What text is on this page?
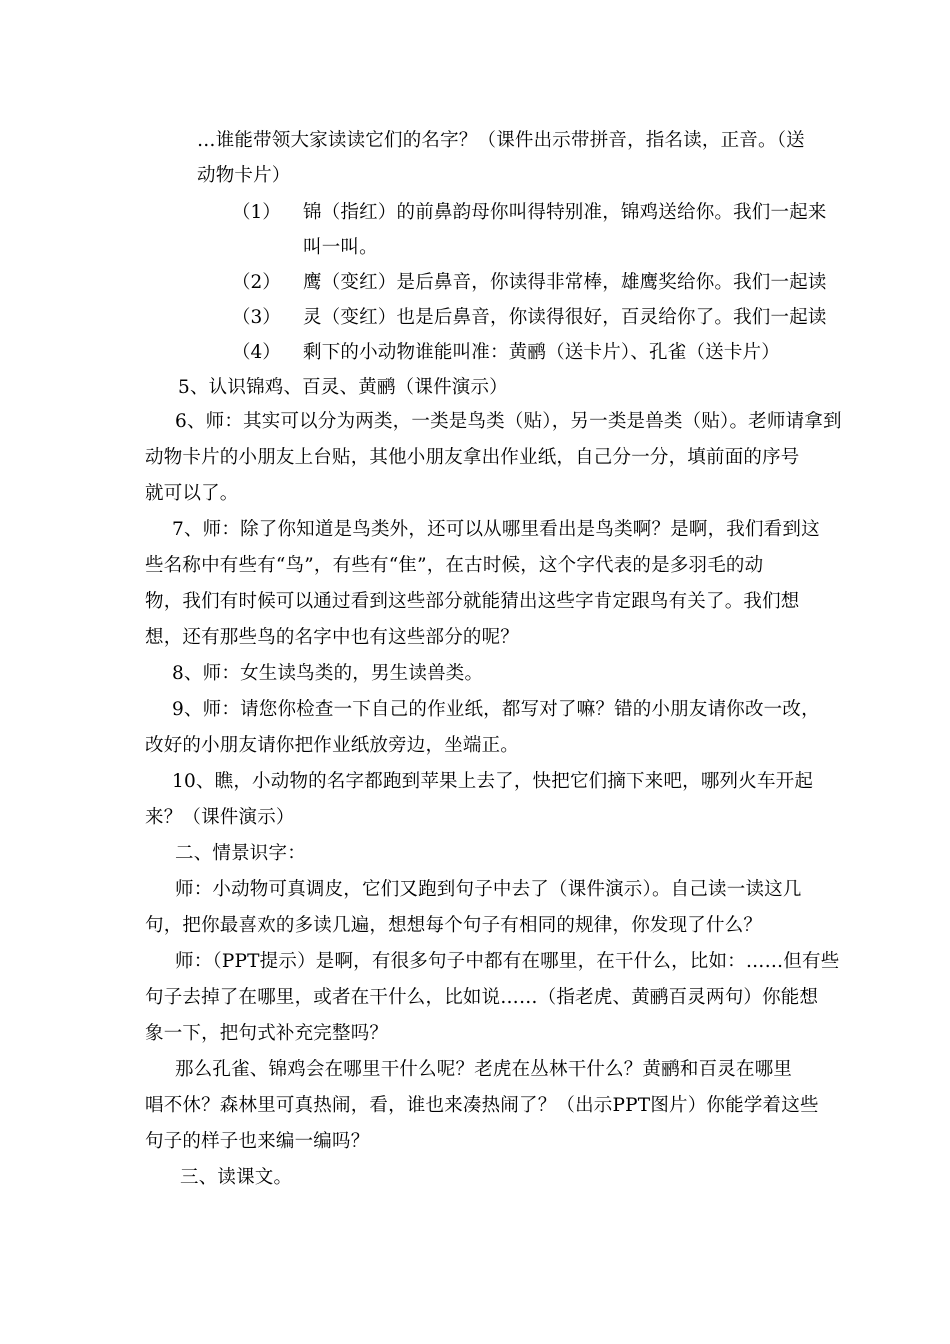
…谁能带领大家读读它们的名字？（课件出示带拼音，指名读，正音。（送
动物卡片）
（1） 锦（指红）的前鼻韵母你叫得特别准，锦鸡送给你。我们一起来
叫一叫。
（2） 鹰（变红）是后鼻音，你读得非常棒，雄鹰奖给你。我们一起读
（3） 灵（变红）也是后鼻音，你读得很好，百灵给你了。我们一起读
（4） 剩下的小动物谁能叫准：黄鹂（送卡片）、孔雀（送卡片）
5、认识锦鸡、百灵、黄鹂（课件演示）
6、师：其实可以分为两类，一类是鸟类（贴），另一类是兽类（贴）。老师请拿到
动物卡片的小朋友上台贴，其他小朋友拿出作业纸，自己分一分，填前面的序号
就可以了。
7、师：除了你知道是鸟类外，还可以从哪里看出是鸟类啊？是啊，我们看到这
些名称中有些有“鸟”，有些有“隹”，在古时候，这个字代表的是多羽毛的动
物，我们有时候可以通过看到这些部分就能猜出这些字肯定跟鸟有关了。我们想
想，还有那些鸟的名字中也有这些部分的呢？
8、师：女生读鸟类的，男生读兽类。
9、师：请您你检查一下自己的作业纸，都写对了嘛？错的小朋友请你改一改，
改好的小朋友请你把作业纸放旁边，坐端正。
10、瞧，小动物的名字都跑到苹果上去了，快把它们摘下来吧，哪列火车开起
来？（课件演示）
二、情景识字：
师：小动物可真调皮，它们又跑到句子中去了（课件演示）。自己读一读这几
句，把你最喜欢的多读几遍，想想每个句子有相同的规律，你发现了什么？
师：（PPT提示）是啊，有很多句子中都有在哪里，在干什么，比如：……但有些
句子去掉了在哪里，或者在干什么，比如说……（指老虎、黄鹂百灵两句）你能想
象一下，把句式补充完整吗？
那么孔雀、锦鸡会在哪里干什么呢？老虎在丛林干什么？黄鹂和百灵在哪里
唱不休？森林里可真热闹，看，谁也来凑热闹了？（出示PPT图片）你能学着这些
句子的样子也来编一编吗？
三、读课文。
